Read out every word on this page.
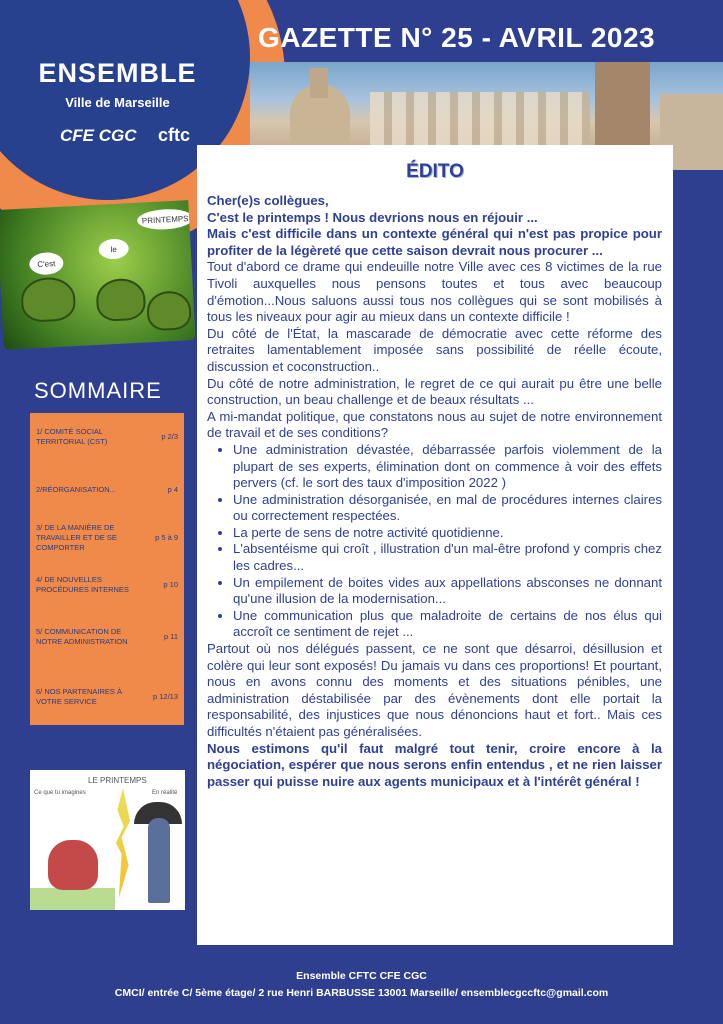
ENSEMBLE
Ville de Marseille
CFE CGC cftc
GAZETTE N° 25 - AVRIL 2023
C'est
le
PRINTEMPS
SOMMAIRE
1/ COMITÉ SOCIAL TERRITORIAL (CST)
p 2/3
2/RÉORGANISATION...	p 4
3/ DE LA MANIÈRE DE TRAVAILLER ET DE SE COMPORTER
p 5 à 9
4/ DE NOUVELLES PROCÉDURES INTERNES
p 10
5/ COMMUNICATION DE NOTRE ADMINISTRATION
p 11
6/ NOS PARTENAIRES À VOTRE SERVICE
p 12/13
LE PRINTEMPS
Ce que tu imagines	En réalité
ÉDITO

Cher(e)s collègues,

C'est le printemps ! Nous devrions nous en réjouir ...

Mais c'est difficile dans un contexte général qui n'est pas propice pour profiter de la légèreté que cette saison devrait nous procurer ...

Tout d'abord ce drame qui endeuille notre Ville avec ces 8 victimes de la rue Tivoli auxquelles nous pensons toutes et tous avec beaucoup d'émotion...Nous saluons aussi tous nos collègues qui se sont mobilisés à tous les niveaux pour agir au mieux dans un contexte difficile !

Du côté de l'État, la mascarade de démocratie avec cette réforme des retraites lamentablement imposée sans possibilité de réelle écoute, discussion et coconstruction..

Du côté de notre administration, le regret de ce qui aurait pu être une belle construction, un beau challenge et de beaux résultats ...

A mi-mandat politique, que constatons nous au sujet de notre environnement de travail et de ses conditions?

• Une administration dévastée, débarrassée parfois violemment de la plupart de ses experts, élimination dont on commence à voir des effets pervers (cf. le sort des taux d'imposition 2022 )
• Une administration désorganisée, en mal de procédures internes claires ou correctement respectées.
• La perte de sens de notre activité quotidienne.
• L'absentéisme qui croît , illustration d'un mal-être profond y compris chez les cadres...
• Un empilement de boites vides aux appellations absconses ne donnant qu'une illusion de la modernisation...
• Une communication plus que maladroite de certains de nos élus qui accroît ce sentiment de rejet ...

Partout où nos délégués passent, ce ne sont que désarroi, désillusion et colère qui leur sont exposés! Du jamais vu dans ces proportions! Et pourtant, nous en avons connu des moments et des situations pénibles, une administration déstabilisée par des évènements dont elle portait la responsabilité, des injustices que nous dénoncions haut et fort.. Mais ces difficultés n'étaient pas généralisées.

Nous estimons qu'il faut malgré tout tenir, croire encore à la négociation, espérer que nous serons enfin entendus , et ne rien laisser passer qui puisse nuire aux agents municipaux et à l'intérêt général !

Ensemble CFTC CFE CGC
CMCI/ entrée C/ 5ème étage/ 2 rue Henri BARBUSSE 13001 Marseille/ ensemblecgccftc@gmail.com
